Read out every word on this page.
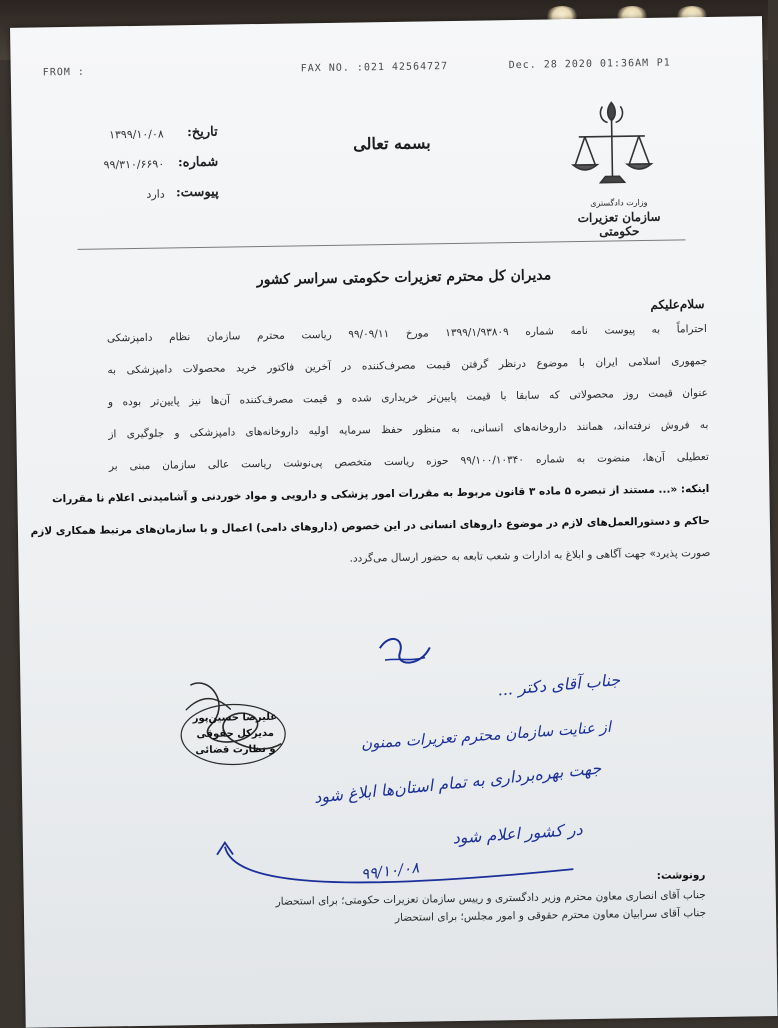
FROM :	FAX NO. :021 42564727	Dec. 28 2020 01:36AM P1
وزارت دادگستری
سازمان تعزیرات حکومتی
بسمه تعالی
تاریخ:
۱۳۹۹/۱۰/۰۸
شماره:
۹۹/۳۱۰/۶۶۹۰
پیوست:
دارد
مدیران کل محترم تعزیرات حکومتی سراسر کشور
سلام‌علیکم
احتراماً به پیوست نامه شماره ۱۳۹۹/۱/۹۳۸۰۹ مورخ ۹۹/۰۹/۱۱ ریاست محترم سازمان نظام دامپزشکی
جمهوری اسلامی ایران با موضوع درنظر گرفتن قیمت مصرف‌کننده در آخرین فاکتور خرید محصولات دامپزشکی به
عنوان قیمت روز محصولاتی که سابقا با قیمت پایین‌تر خریداری شده و قیمت مصرف‌کننده آن‌ها نیز پایین‌تر بوده و
به فروش نرفته‌اند، همانند داروخانه‌های انسانی، به منظور حفظ سرمایه اولیه داروخانه‌های دامپزشکی و جلوگیری از
تعطیلی آن‌ها، منضوت به شماره ۹۹/۱۰۰/۱۰۳۴۰ حوزه ریاست متخصص پی‌نوشت ریاست عالی سازمان مبنی بر
اینکه: «... مستند از تبصره ۵ ماده ۳ قانون مربوط به مقررات امور پزشکی و دارویی و مواد خوردنی و آشامیدنی اعلام نا مقررات
حاکم و دستورالعمل‌های لازم در موضوع داروهای انسانی در این خصوص (داروهای دامی) اعمال و با سازمان‌های مرتبط همکاری لازم
صورت پذیرد» جهت آگاهی و ابلاغ به ادارات و شعب تابعه به حضور ارسال می‌گردد.
علیرضا حسین‌پور
مدیرکل حقوقی
و نظارت قضائی
جناب آقای دکتر ...
از عنایت سازمان محترم تعزیرات ممنون
جهت بهره‌برداری به تمام استان‌ها ابلاغ شود
در کشور اعلام شود
۹۹/۱۰/۰۸	رونوشت:
جناب آقای انصاری معاون محترم وزیر دادگستری و رییس سازمان تعزیرات حکومتی؛ برای استحضار
جناب آقای سرابیان معاون محترم حقوقی و امور مجلس؛ برای استحضار
